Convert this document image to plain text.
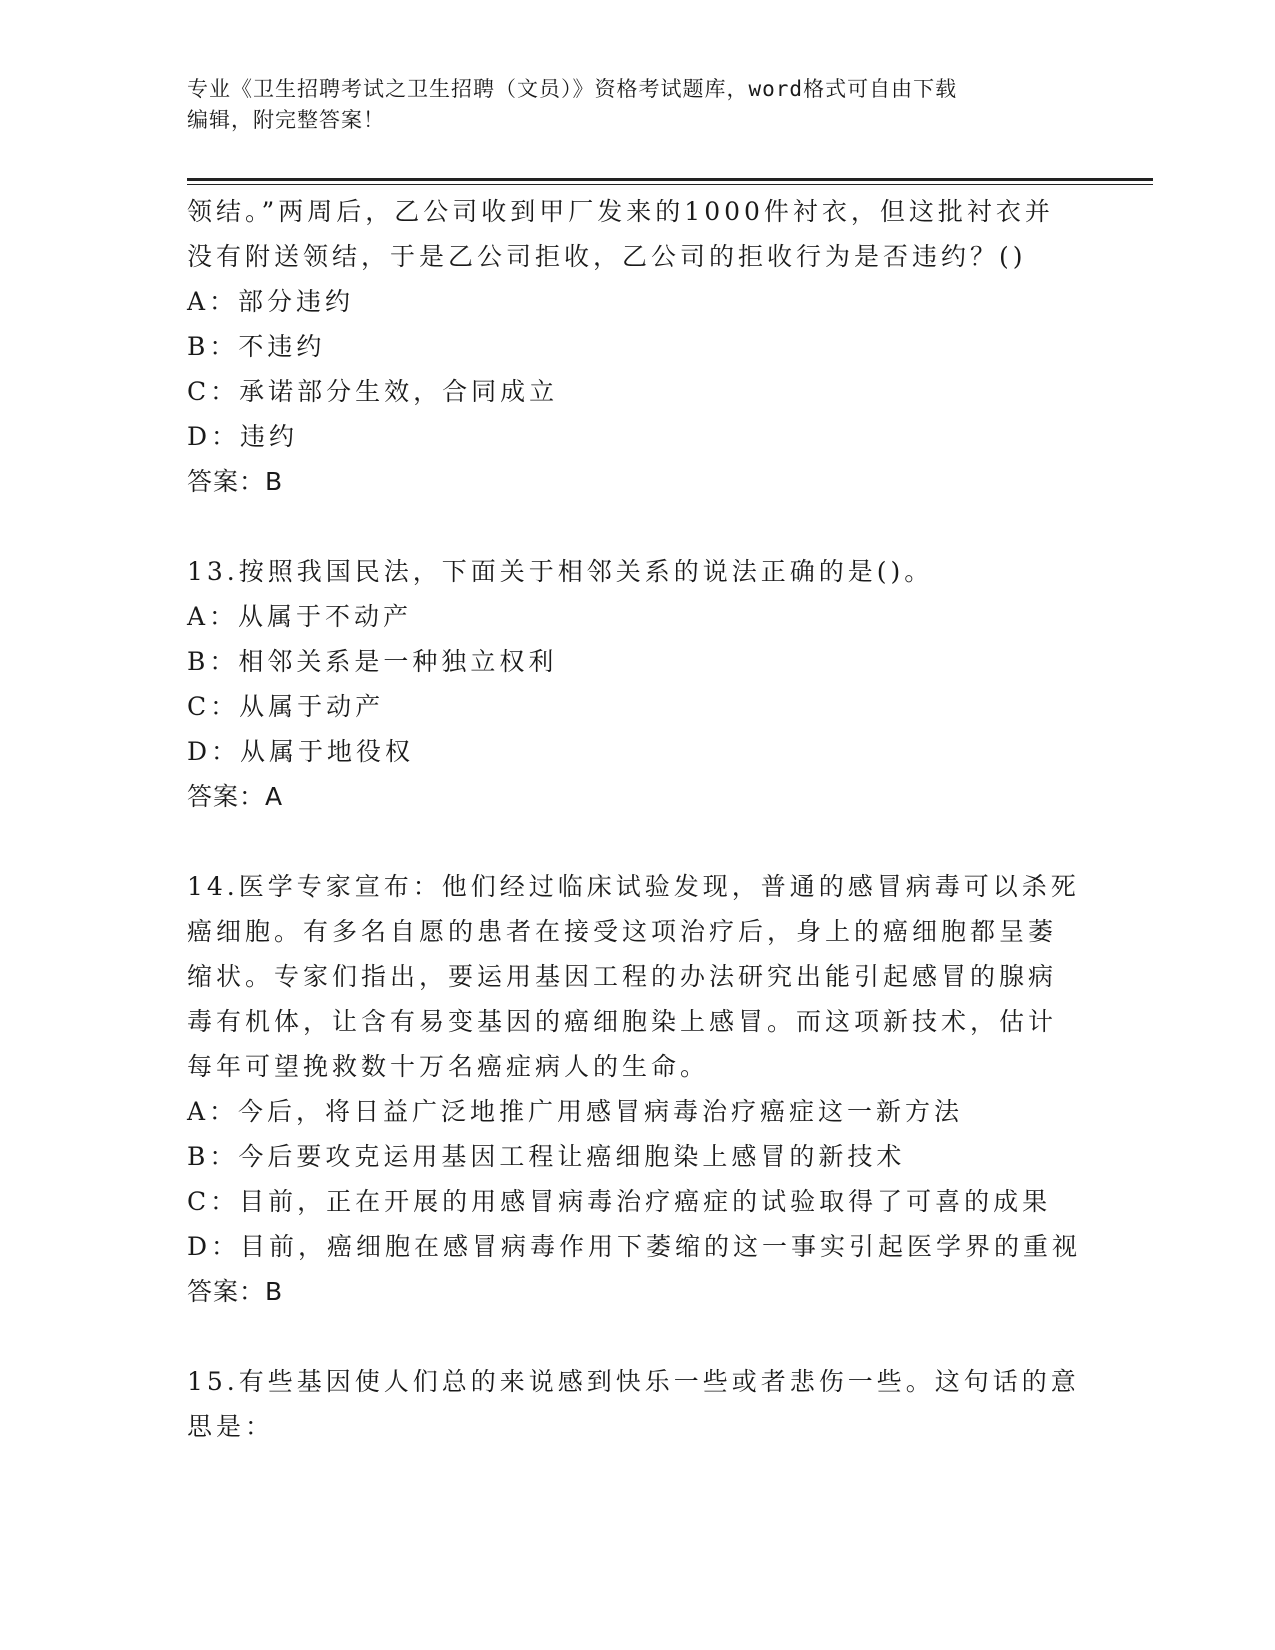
专业《卫生招聘考试之卫生招聘（文员）》资格考试题库，word格式可自由下载
编辑，附完整答案！
领结。”两周后，乙公司收到甲厂发来的1000件衬衣，但这批衬衣并
没有附送领结，于是乙公司拒收，乙公司的拒收行为是否违约？()
A：部分违约
B：不违约
C：承诺部分生效，合同成立
D：违约
答案：B
13.按照我国民法，下面关于相邻关系的说法正确的是()。
A：从属于不动产
B：相邻关系是一种独立权利
C：从属于动产
D：从属于地役权
答案：A
14.医学专家宣布：他们经过临床试验发现，普通的感冒病毒可以杀死
癌细胞。有多名自愿的患者在接受这项治疗后，身上的癌细胞都呈萎
缩状。专家们指出，要运用基因工程的办法研究出能引起感冒的腺病
毒有机体，让含有易变基因的癌细胞染上感冒。而这项新技术，估计
每年可望挽救数十万名癌症病人的生命。
A：今后，将日益广泛地推广用感冒病毒治疗癌症这一新方法
B：今后要攻克运用基因工程让癌细胞染上感冒的新技术
C：目前，正在开展的用感冒病毒治疗癌症的试验取得了可喜的成果
D：目前，癌细胞在感冒病毒作用下萎缩的这一事实引起医学界的重视
答案：B
15.有些基因使人们总的来说感到快乐一些或者悲伤一些。这句话的意
思是：
